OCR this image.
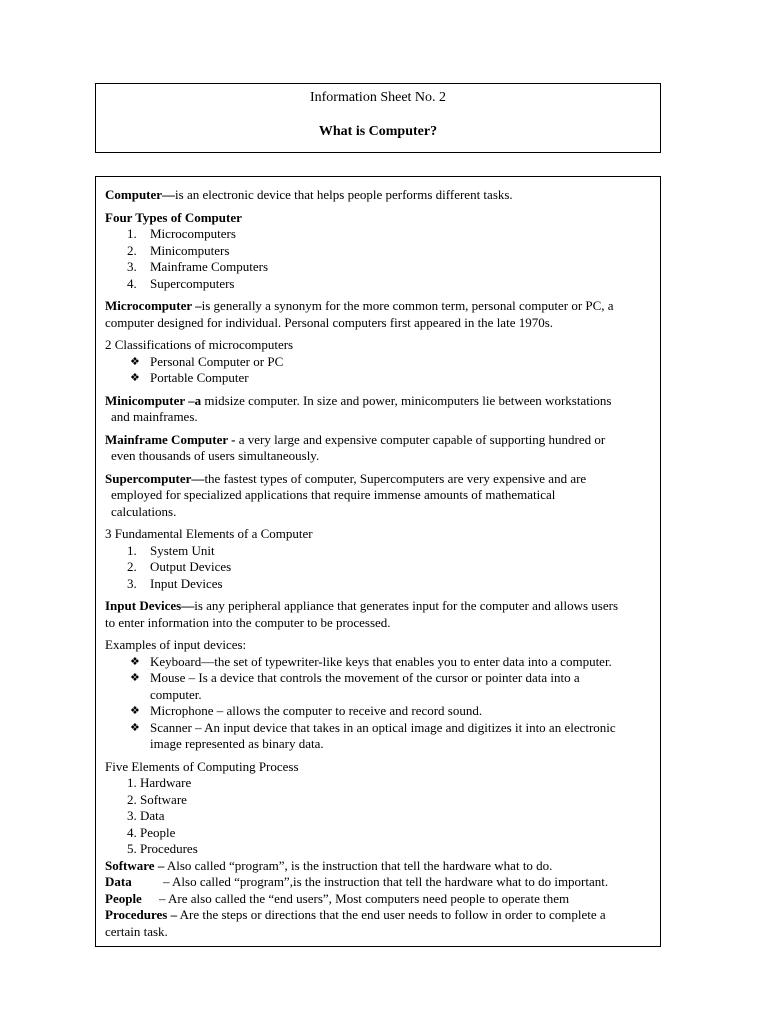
Information Sheet No. 2
What is Computer?

Computer—is an electronic device that helps people performs different tasks.

Four Types of Computer

1. Microcomputers
2. Minicomputers
3. Mainframe Computers
4. Supercomputers

Microcomputer –is generally a synonym for the more common term, personal computer or PC, a

computer designed for individual. Personal computers first appeared in the late 1970s.

2 Classifications of microcomputers

❖ Personal Computer or PC
❖ Portable Computer

Minicomputer –a midsize computer. In size and power, minicomputers lie between workstations

and mainframes.

Mainframe Computer - a very large and expensive computer capable of supporting hundred or

even thousands of users simultaneously.

Supercomputer—the fastest types of computer, Supercomputers are very expensive and are

employed for specialized applications that require immense amounts of mathematical

calculations.

3 Fundamental Elements of a Computer

1. System Unit
2. Output Devices
3. Input Devices

Input Devices—is any peripheral appliance that generates input for the computer and allows users

to enter information into the computer to be processed.

Examples of input devices:

❖ Keyboard—the set of typewriter-like keys that enables you to enter data into a computer.
❖ Mouse – Is a device that controls the movement of the cursor or pointer data into a
computer.
❖ Microphone – allows the computer to receive and record sound.
❖ Scanner – An input device that takes in an optical image and digitizes it into an electronic
image represented as binary data.

Five Elements of Computing Process

1. Hardware
2. Software
3. Data
4. People
5. Procedures

Software – Also called “program”, is the instruction that tell the hardware what to do.

Data – Also called “program”,is the instruction that tell the hardware what to do important.

People – Are also called the “end users”, Most computers need people to operate them

Procedures – Are the steps or directions that the end user needs to follow in order to complete a

certain task.
